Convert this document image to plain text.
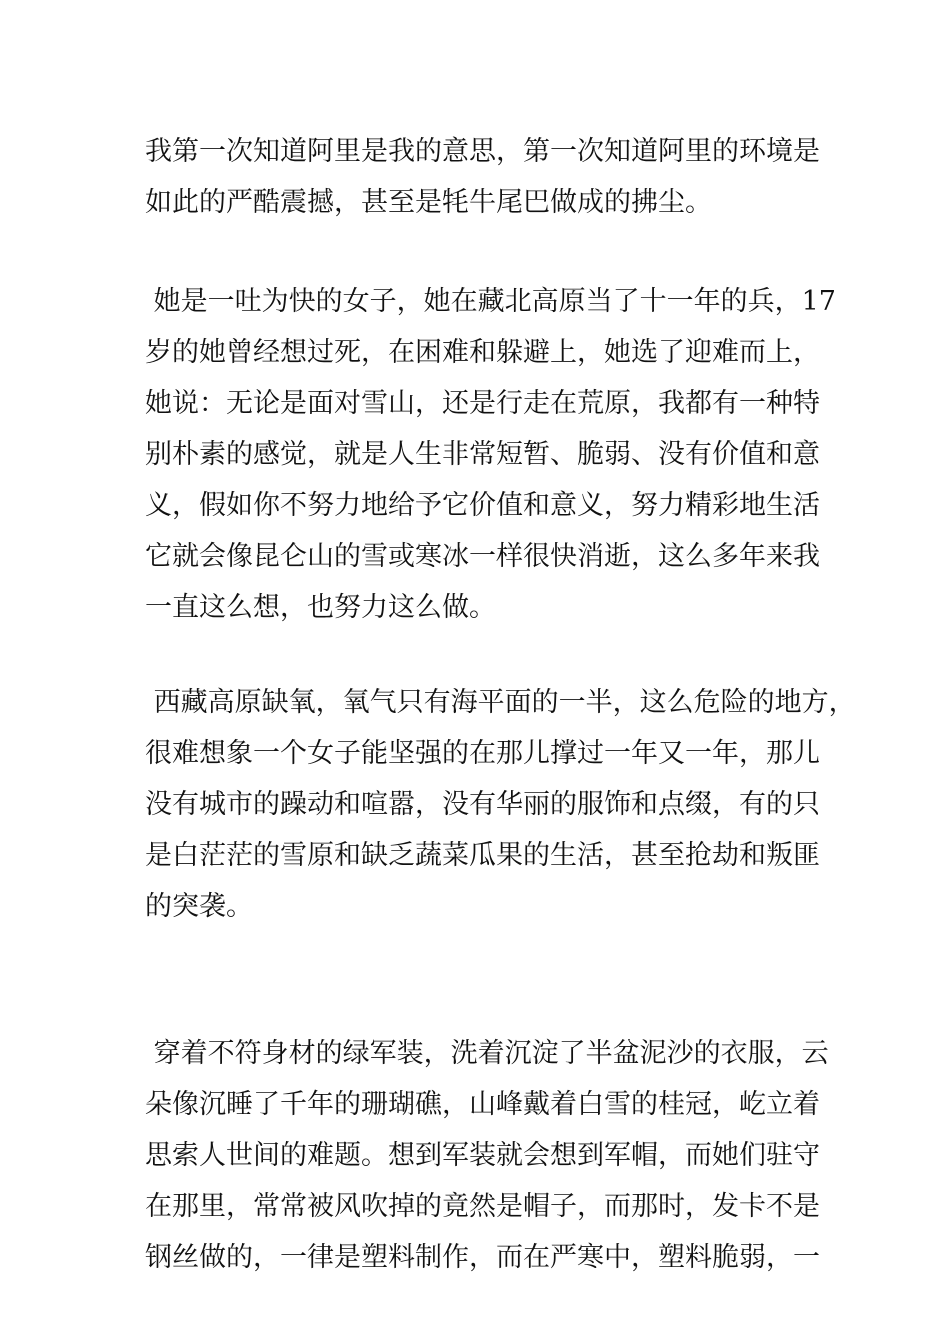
我第一次知道阿里是我的意思，第一次知道阿里的环境是
如此的严酷震撼，甚至是牦牛尾巴做成的拂尘。
她是一吐为快的女子，她在藏北高原当了十一年的兵，17
岁的她曾经想过死，在困难和躲避上，她选了迎难而上，
她说：无论是面对雪山，还是行走在荒原，我都有一种特
别朴素的感觉，就是人生非常短暂、脆弱、没有价值和意
义，假如你不努力地给予它价值和意义，努力精彩地生活
它就会像昆仑山的雪或寒冰一样很快消逝，这么多年来我
一直这么想，也努力这么做。
西藏高原缺氧，氧气只有海平面的一半，这么危险的地方，
很难想象一个女子能坚强的在那儿撑过一年又一年，那儿
没有城市的躁动和喧嚣，没有华丽的服饰和点缀，有的只
是白茫茫的雪原和缺乏蔬菜瓜果的生活，甚至抢劫和叛匪
的突袭。
穿着不符身材的绿军装，洗着沉淀了半盆泥沙的衣服，云
朵像沉睡了千年的珊瑚礁，山峰戴着白雪的桂冠，屹立着
思索人世间的难题。想到军装就会想到军帽，而她们驻守
在那里，常常被风吹掉的竟然是帽子，而那时，发卡不是
钢丝做的，一律是塑料制作，而在严寒中，塑料脆弱，一
